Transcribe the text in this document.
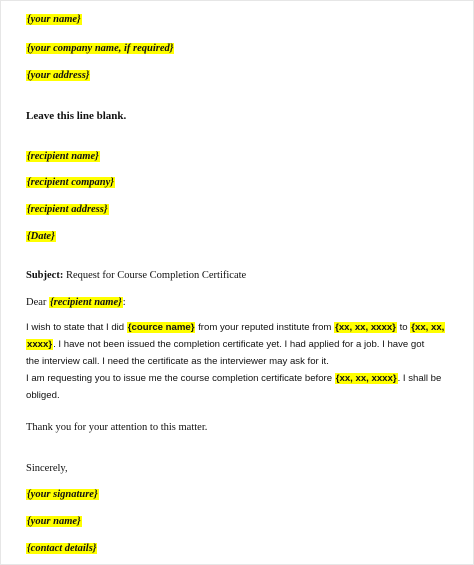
{your name}
{your company name, if required}
{your address}
Leave this line blank.
{recipient name}
{recipient company}
{recipient address}
{Date}
Subject: Request for Course Completion Certificate
Dear {recipient name}:
I wish to state that I did {cource name} from your reputed institute from {xx, xx, xxxx} to {xx, xx,
xxxx}. I have not been issued the completion certificate yet. I had applied for a job. I have got
the interview call. I need the certificate as the interviewer may ask for it.
I am requesting you to issue me the course completion certificate before {xx, xx, xxxx}. I shall be
obliged.
Thank you for your attention to this matter.
Sincerely,
{your signature}
{your name}
{contact details}
